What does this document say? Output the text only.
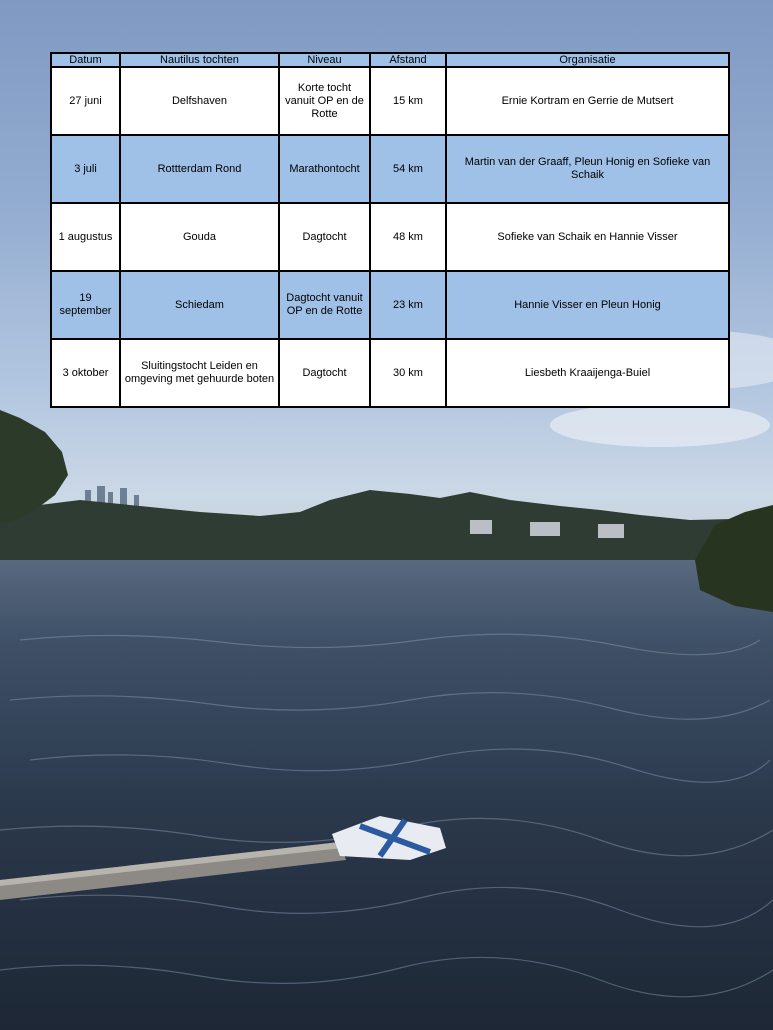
Datum	Nautilus tochten	Niveau	Afstand	Organisatie
27 juni	Delfshaven	Korte tocht vanuit OP en de Rotte	15 km	Ernie Kortram en Gerrie de Mutsert
3 juli	Rottterdam Rond	Marathontocht	54 km	Martin van der Graaff, Pleun Honig en Sofieke van Schaik
1 augustus	Gouda	Dagtocht	48 km	Sofieke van Schaik en Hannie Visser
19 september	Schiedam	Dagtocht vanuit OP en de Rotte	23 km	Hannie Visser en Pleun Honig
3 oktober	Sluitingstocht Leiden en omgeving met gehuurde boten	Dagtocht	30 km	Liesbeth Kraaijenga-Buiel
